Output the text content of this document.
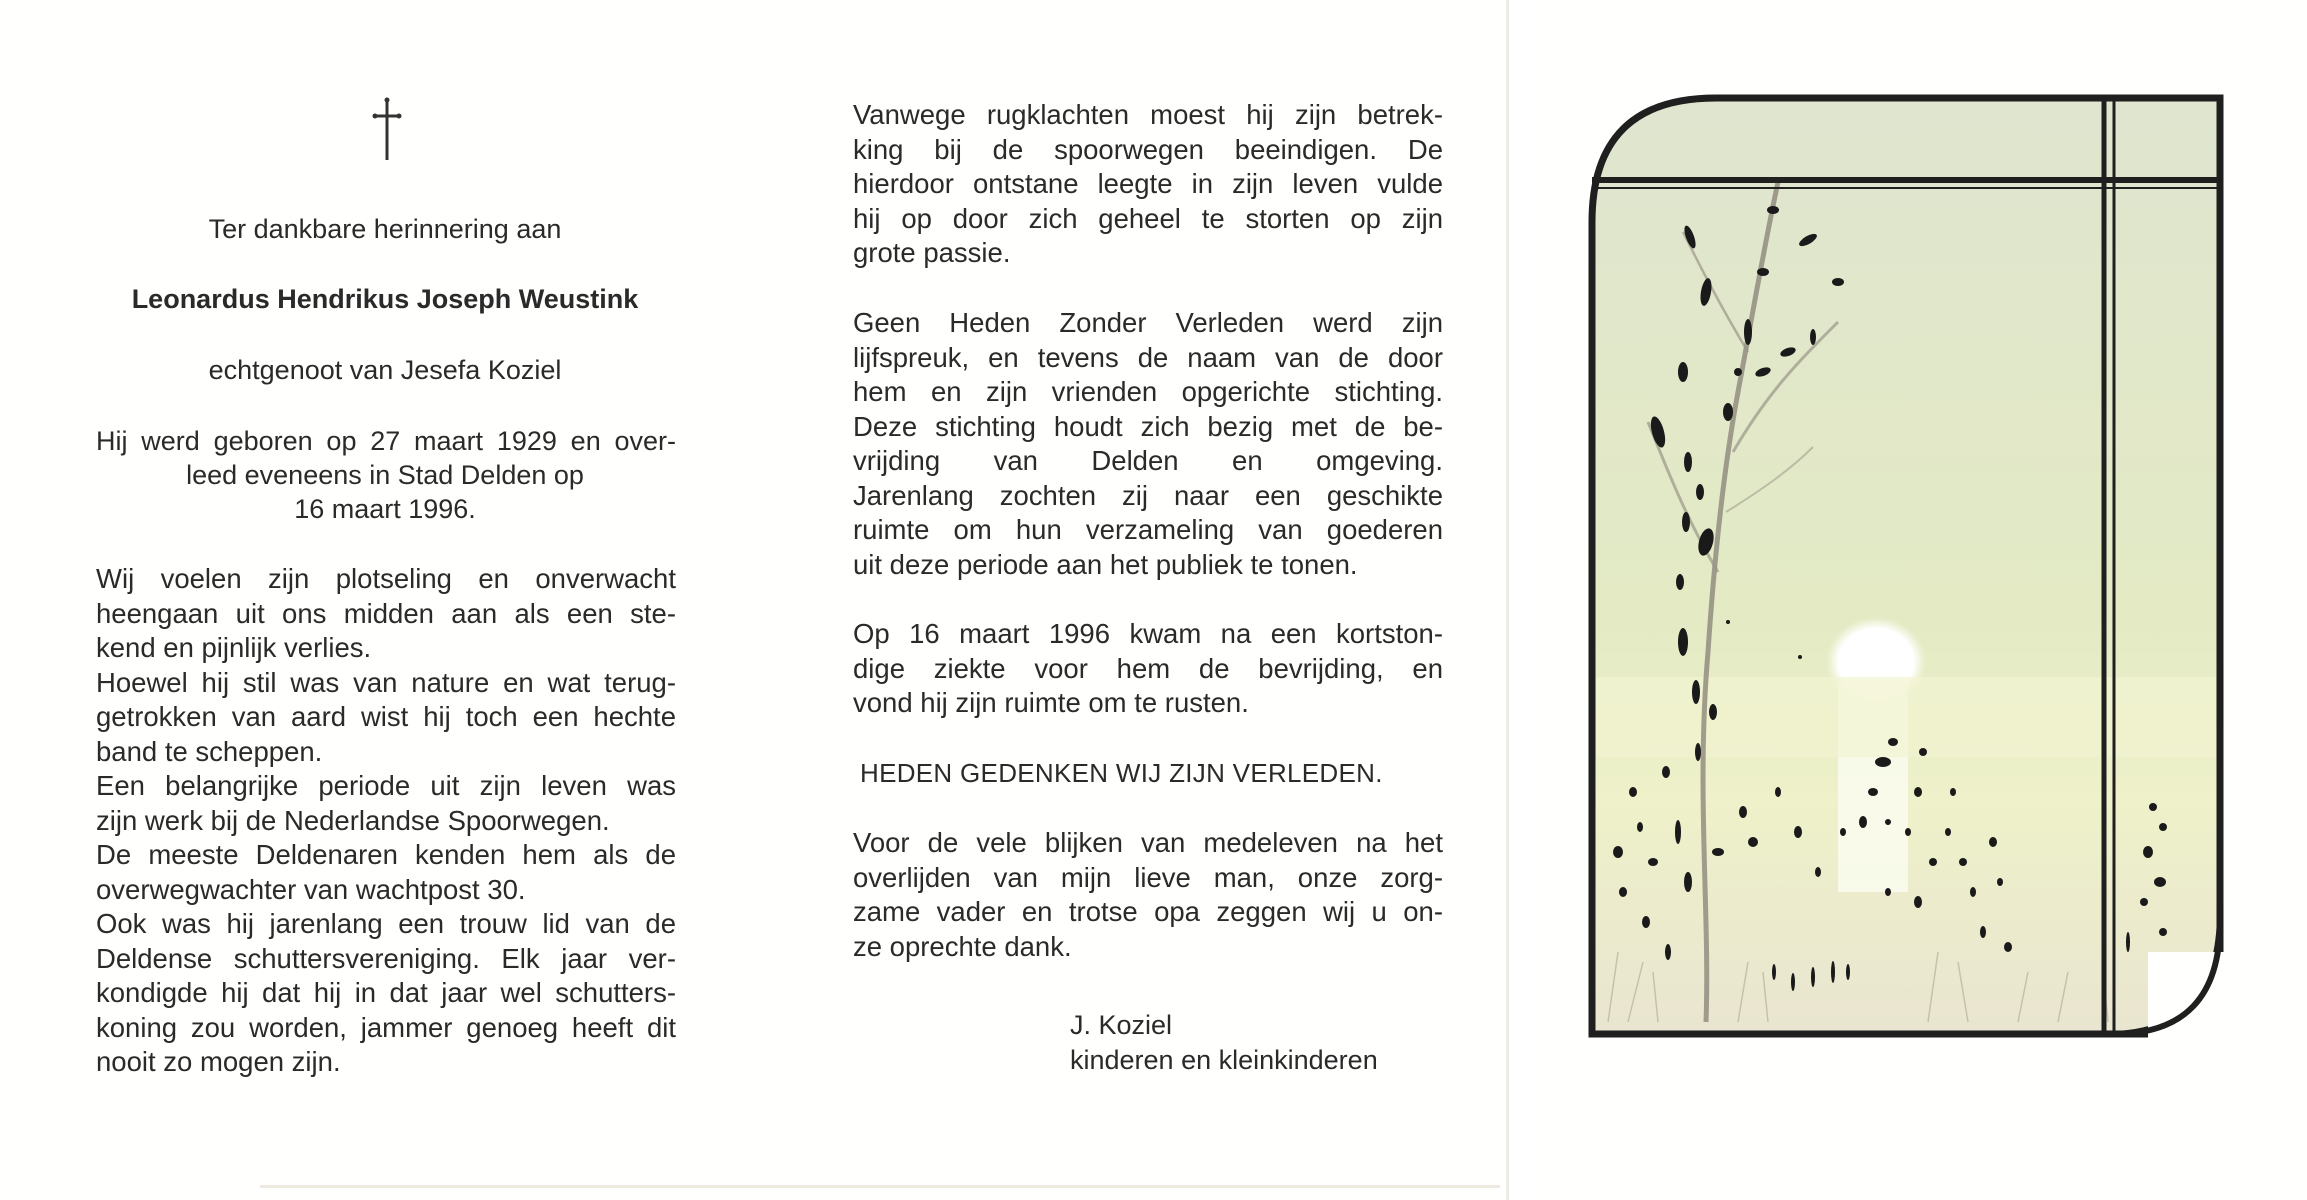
Ter dankbare herinnering aan

Leonardus Hendrikus Joseph Weustink

echtgenoot van Jesefa Koziel

Hij werd geboren op 27 maart 1929 en over-

leed eveneens in Stad Delden op

16 maart 1996.

Wij voelen zijn plotseling en onverwacht
heengaan uit ons midden aan als een ste-
kend en pijnlijk verlies.
Hoewel hij stil was van nature en wat terug-
getrokken van aard wist hij toch een hechte
band te scheppen.
Een belangrijke periode uit zijn leven was
zijn werk bij de Nederlandse Spoorwegen.
De meeste Deldenaren kenden hem als de
overwegwachter van wachtpost 30.
Ook was hij jarenlang een trouw lid van de
Deldense schuttersvereniging. Elk jaar ver-
kondigde hij dat hij in dat jaar wel schutters-
koning zou worden, jammer genoeg heeft dit
nooit zo mogen zijn.
Vanwege rugklachten moest hij zijn betrek-
king bij de spoorwegen beeindigen. De
hierdoor ontstane leegte in zijn leven vulde
hij op door zich geheel te storten op zijn
grote passie.
Geen Heden Zonder Verleden werd zijn
lijfspreuk, en tevens de naam van de door
hem en zijn vrienden opgerichte stichting.
Deze stichting houdt zich bezig met de be-
vrijding van Delden en omgeving.
Jarenlang zochten zij naar een geschikte
ruimte om hun verzameling van goederen
uit deze periode aan het publiek te tonen.
Op 16 maart 1996 kwam na een kortston-
dige ziekte voor hem de bevrijding, en
vond hij zijn ruimte om te rusten.

HEDEN GEDENKEN WIJ ZIJN VERLEDEN.

Voor de vele blijken van medeleven na het
overlijden van mijn lieve man, onze zorg-
zame vader en trotse opa zeggen wij u on-
ze oprechte dank.
J. Koziel
kinderen en kleinkinderen
